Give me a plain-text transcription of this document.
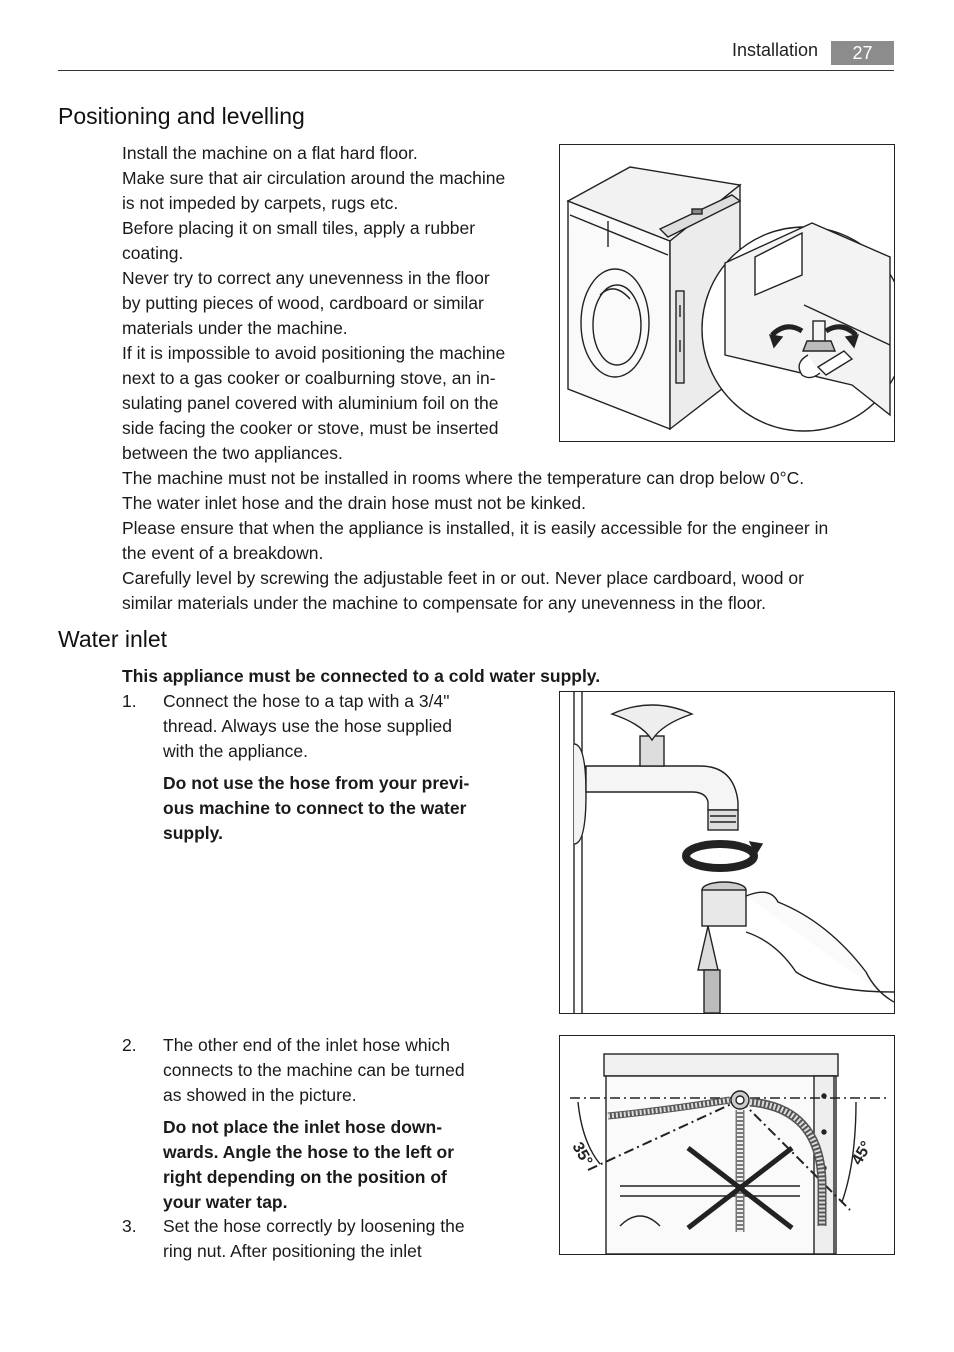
Installation	27
Positioning and levelling
Install the machine on a flat hard floor.
Make sure that air circulation around the machine
is not impeded by carpets, rugs etc.
Before placing it on small tiles, apply a rubber
coating.
Never try to correct any unevenness in the floor
by putting pieces of wood, cardboard or similar
materials under the machine.
If it is impossible to avoid positioning the machine
next to a gas cooker or coalburning stove, an in-
sulating panel covered with aluminium foil on the
side facing the cooker or stove, must be inserted
between the two appliances.
The machine must not be installed in rooms where the temperature can drop below 0°C.
The water inlet hose and the drain hose must not be kinked.
Please ensure that when the appliance is installed, it is easily accessible for the engineer in
the event of a breakdown.
Carefully level by screwing the adjustable feet in or out. Never place cardboard, wood or
similar materials under the machine to compensate for any unevenness in the floor.
Water inlet
This appliance must be connected to a cold water supply.
1. Connect the hose to a tap with a 3/4"
thread. Always use the hose supplied
with the appliance.
Do not use the hose from your previ-
ous machine to connect to the water
supply.
2. The other end of the inlet hose which
connects to the machine can be turned
as showed in the picture.
Do not place the inlet hose down-
wards. Angle the hose to the left or
right depending on the position of
your water tap.
3. Set the hose correctly by loosening the
ring nut. After positioning the inlet
35°	45°
